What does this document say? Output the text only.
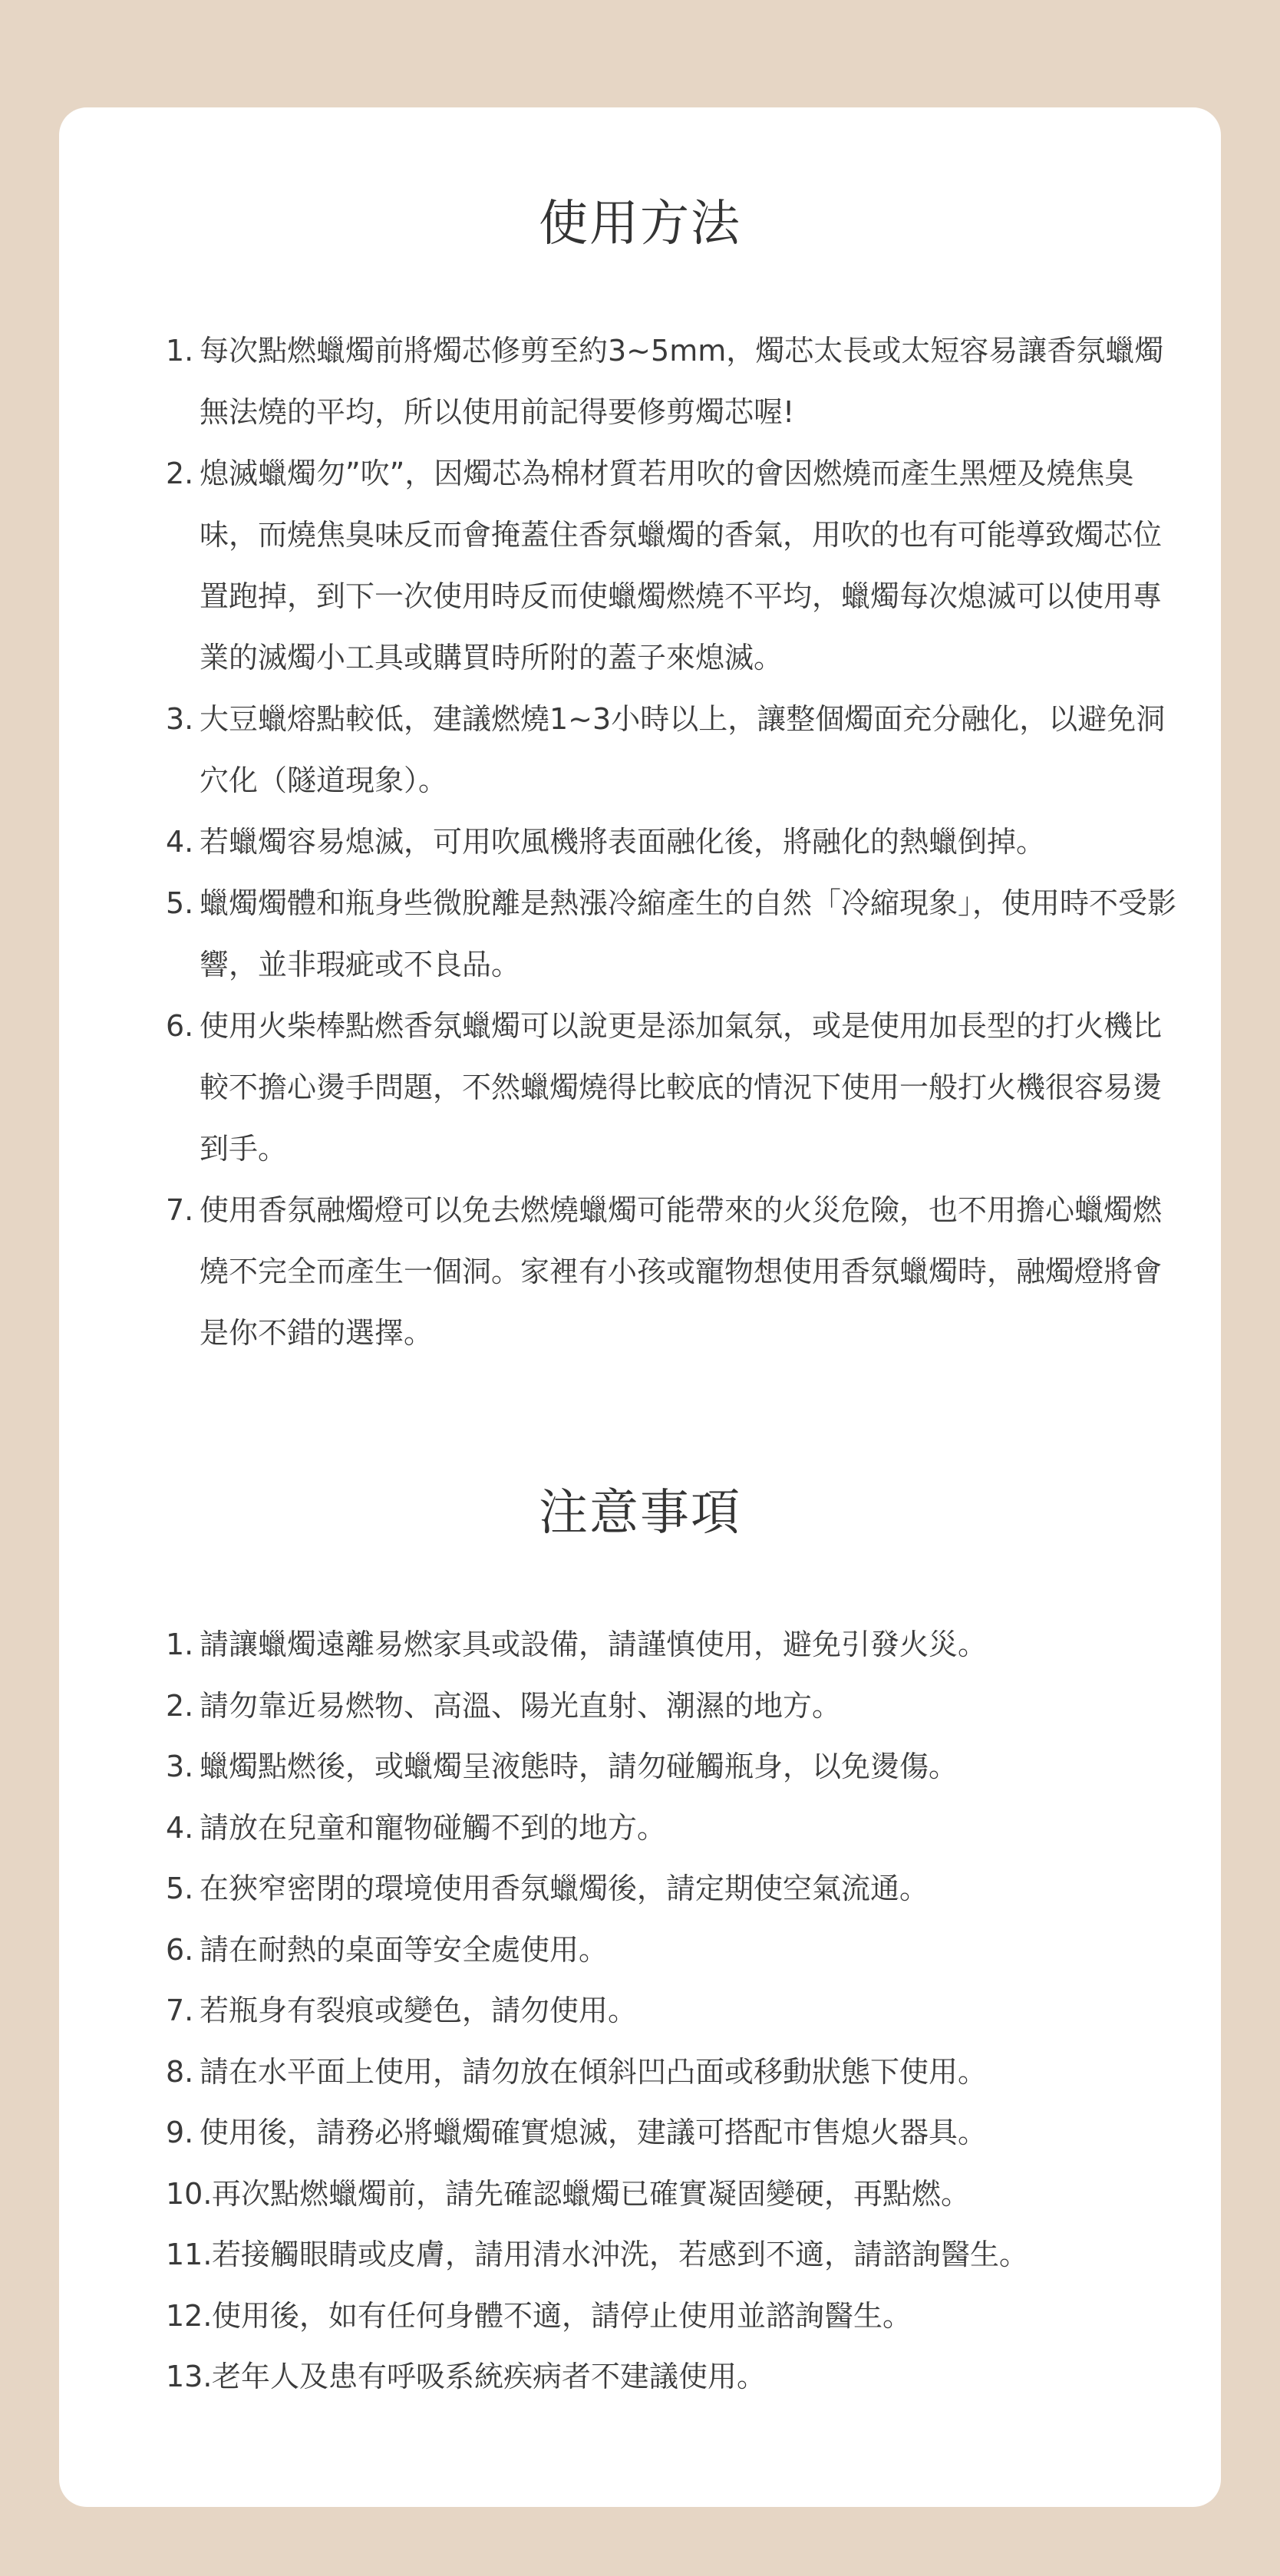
使用方法
1. 每次點燃蠟燭前將燭芯修剪至約3~5mm，燭芯太長或太短容易讓香氛蠟燭無法燒的平均，所以使用前記得要修剪燭芯喔!
2. 熄滅蠟燭勿”吹”，因燭芯為棉材質若用吹的會因燃燒而產生黑煙及燒焦臭味，而燒焦臭味反而會掩蓋住香氛蠟燭的香氣，用吹的也有可能導致燭芯位置跑掉，到下一次使用時反而使蠟燭燃燒不平均，蠟燭每次熄滅可以使用專業的滅燭小工具或購買時所附的蓋子來熄滅。
3. 大豆蠟熔點較低，建議燃燒1~3小時以上，讓整個燭面充分融化，以避免洞穴化（隧道現象）。
4. 若蠟燭容易熄滅，可用吹風機將表面融化後，將融化的熱蠟倒掉。
5. 蠟燭燭體和瓶身些微脫離是熱漲冷縮產生的自然「冷縮現象」，使用時不受影響，並非瑕疵或不良品。
6. 使用火柴棒點燃香氛蠟燭可以說更是添加氣氛，或是使用加長型的打火機比較不擔心燙手問題，不然蠟燭燒得比較底的情況下使用一般打火機很容易燙到手。
7. 使用香氛融燭燈可以免去燃燒蠟燭可能帶來的火災危險，也不用擔心蠟燭燃燒不完全而產生一個洞。家裡有小孩或寵物想使用香氛蠟燭時，融燭燈將會是你不錯的選擇。
注意事項
1. 請讓蠟燭遠離易燃家具或設備，請謹慎使用，避免引發火災。
2. 請勿靠近易燃物、高溫、陽光直射、潮濕的地方。
3. 蠟燭點燃後，或蠟燭呈液態時，請勿碰觸瓶身，以免燙傷。
4. 請放在兒童和寵物碰觸不到的地方。
5. 在狹窄密閉的環境使用香氛蠟燭後，請定期使空氣流通。
6. 請在耐熱的桌面等安全處使用。
7. 若瓶身有裂痕或變色，請勿使用。
8. 請在水平面上使用，請勿放在傾斜凹凸面或移動狀態下使用。
9. 使用後，請務必將蠟燭確實熄滅，建議可搭配市售熄火器具。
10. 再次點燃蠟燭前，請先確認蠟燭已確實凝固變硬，再點燃。
11. 若接觸眼睛或皮膚，請用清水沖洗，若感到不適，請諮詢醫生。
12. 使用後，如有任何身體不適，請停止使用並諮詢醫生。
13. 老年人及患有呼吸系統疾病者不建議使用。
